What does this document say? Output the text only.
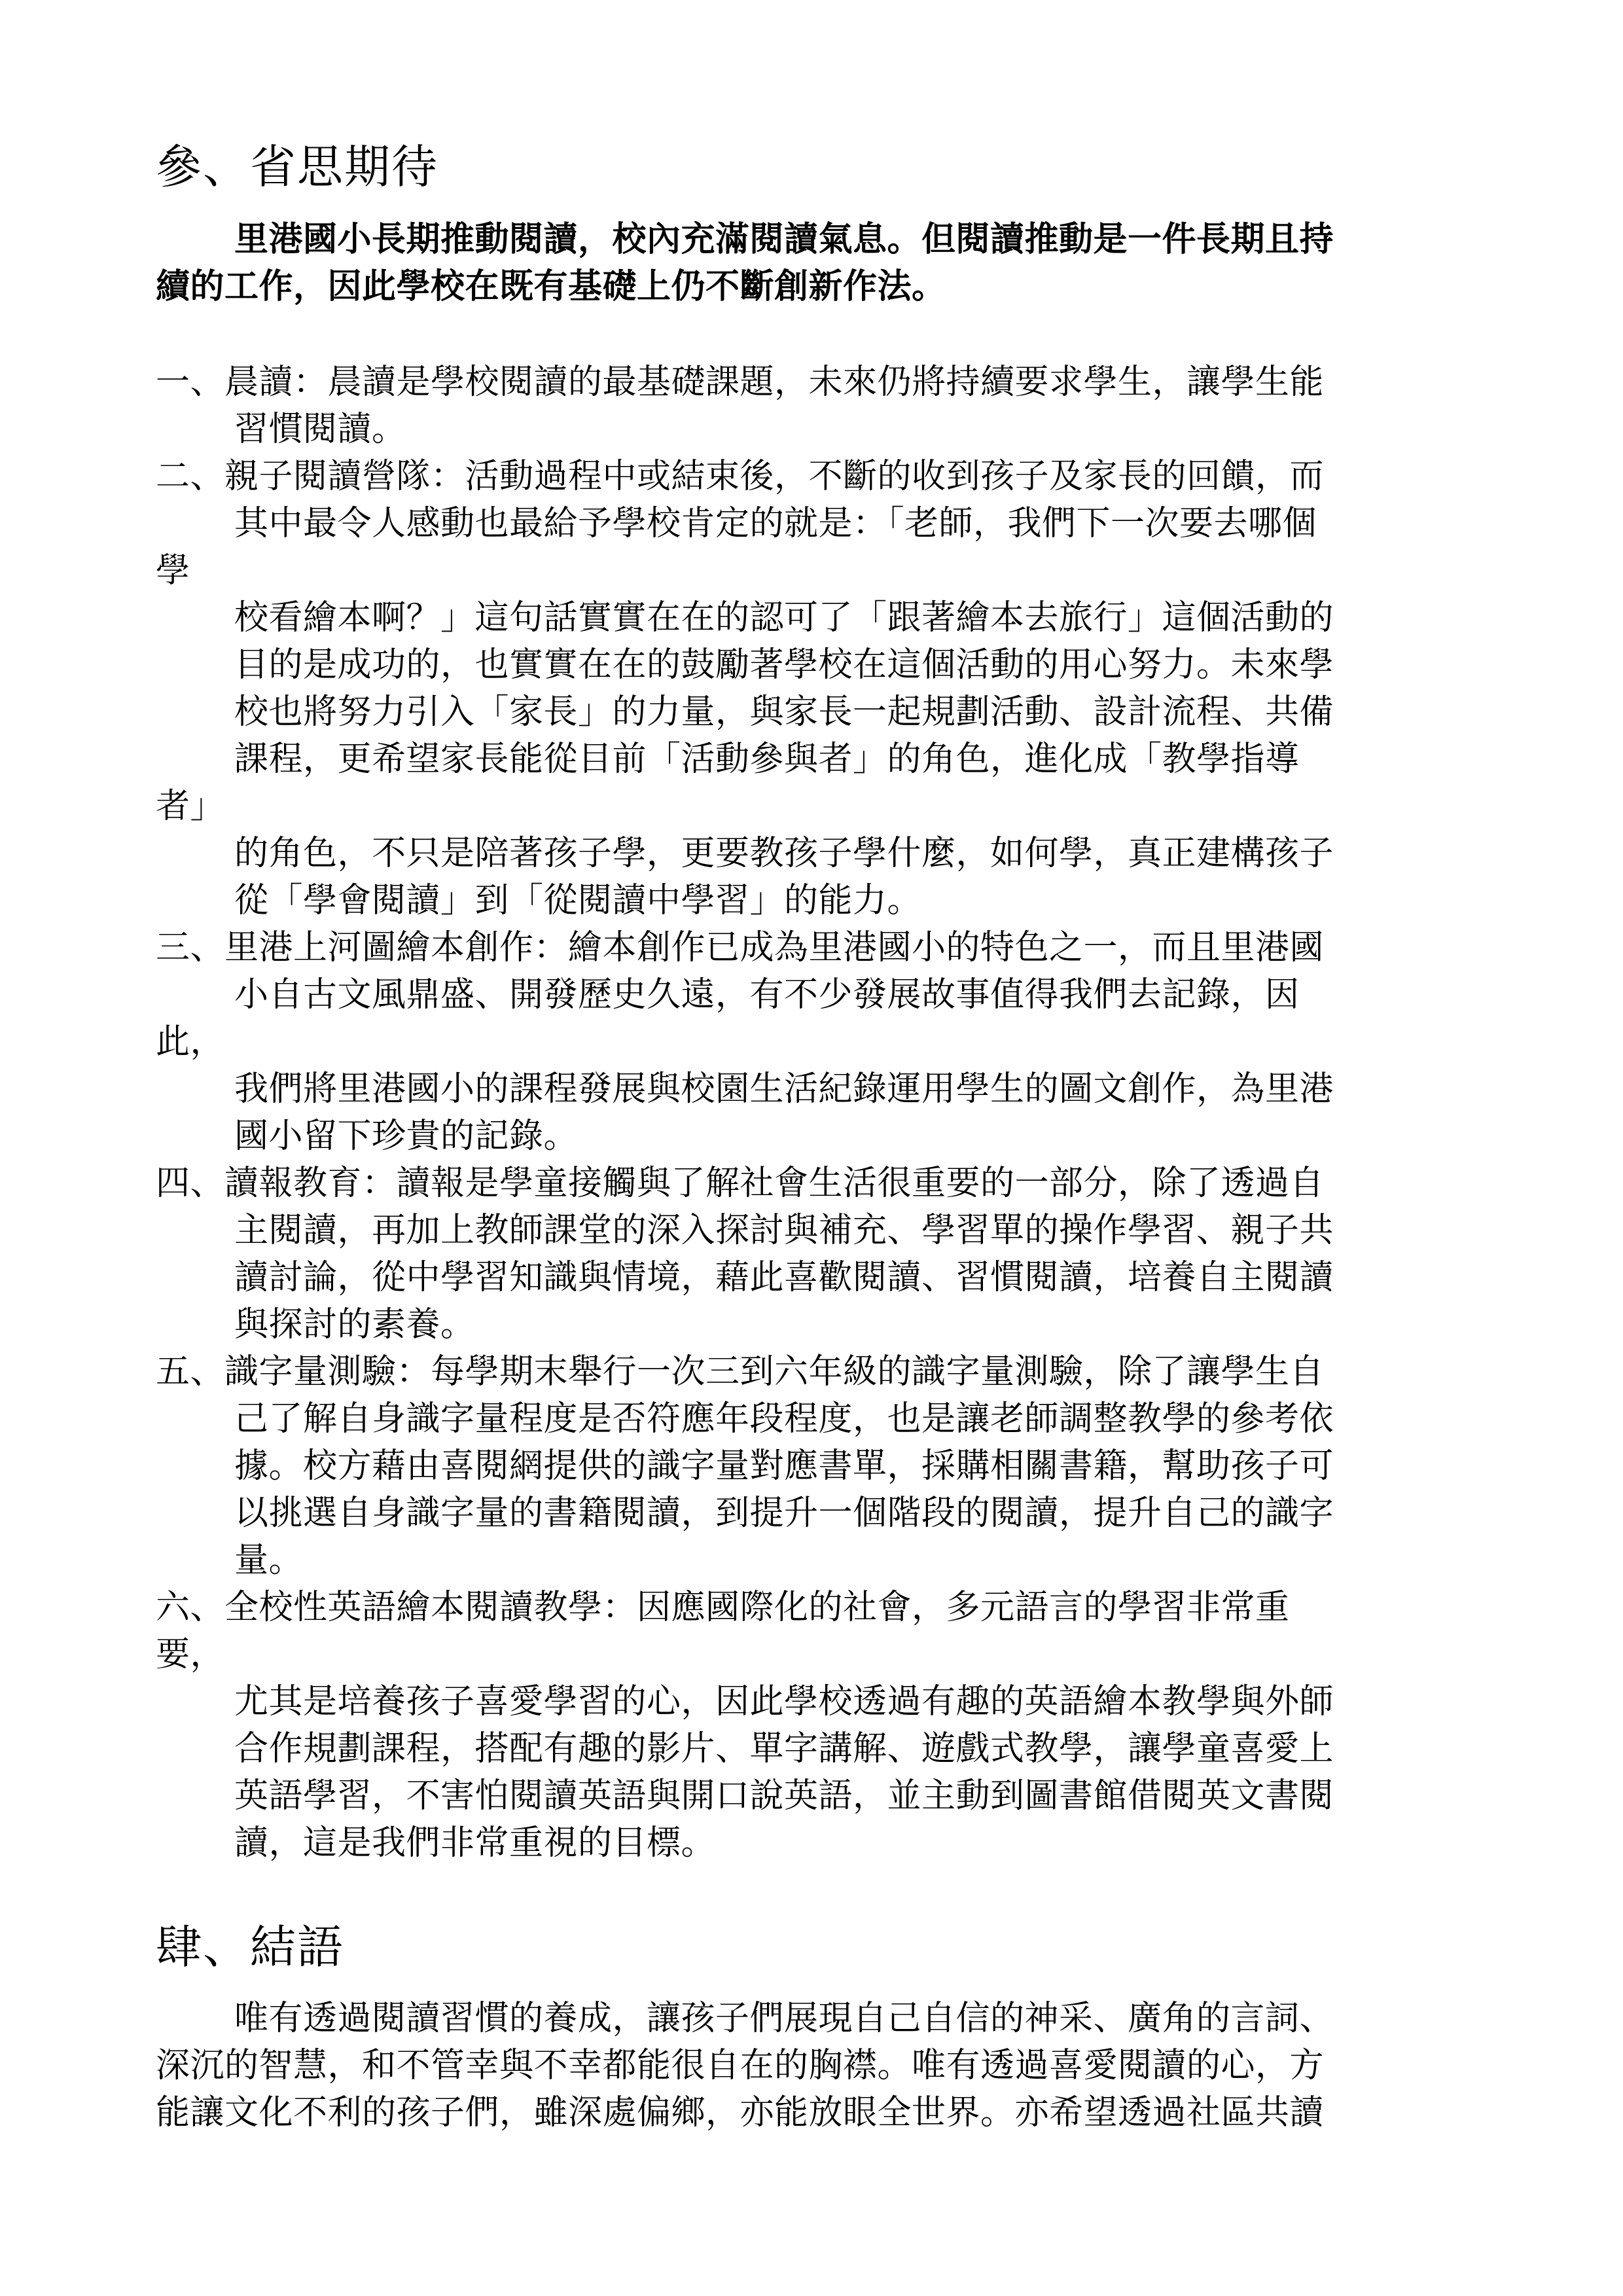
參、省思期待
里港國小長期推動閱讀，校內充滿閱讀氣息。但閱讀推動是一件長期且持
續的工作，因此學校在既有基礎上仍不斷創新作法。
一、晨讀：晨讀是學校閱讀的最基礎課題，未來仍將持續要求學生，讓學生能
習慣閱讀。
二、親子閱讀營隊：活動過程中或結束後，不斷的收到孩子及家長的回饋，而
其中最令人感動也最給予學校肯定的就是：「老師，我們下一次要去哪個
學
校看繪本啊？」這句話實實在在的認可了「跟著繪本去旅行」這個活動的
目的是成功的，也實實在在的鼓勵著學校在這個活動的用心努力。未來學
校也將努力引入「家長」的力量，與家長一起規劃活動、設計流程、共備
課程，更希望家長能從目前「活動參與者」的角色，進化成「教學指導
者」
的角色，不只是陪著孩子學，更要教孩子學什麼，如何學，真正建構孩子
從「學會閱讀」到「從閱讀中學習」的能力。
三、里港上河圖繪本創作：繪本創作已成為里港國小的特色之一，而且里港國
小自古文風鼎盛、開發歷史久遠，有不少發展故事值得我們去記錄，因
此，
我們將里港國小的課程發展與校園生活紀錄運用學生的圖文創作，為里港
國小留下珍貴的記錄。
四、讀報教育：讀報是學童接觸與了解社會生活很重要的一部分，除了透過自
主閱讀，再加上教師課堂的深入探討與補充、學習單的操作學習、親子共
讀討論，從中學習知識與情境，藉此喜歡閱讀、習慣閱讀，培養自主閱讀
與探討的素養。
五、識字量測驗：每學期末舉行一次三到六年級的識字量測驗，除了讓學生自
己了解自身識字量程度是否符應年段程度，也是讓老師調整教學的參考依
據。校方藉由喜閱網提供的識字量對應書單，採購相關書籍，幫助孩子可
以挑選自身識字量的書籍閱讀，到提升一個階段的閱讀，提升自己的識字
量。
六、全校性英語繪本閱讀教學：因應國際化的社會，多元語言的學習非常重
要，
尤其是培養孩子喜愛學習的心，因此學校透過有趣的英語繪本教學與外師
合作規劃課程，搭配有趣的影片、單字講解、遊戲式教學，讓學童喜愛上
英語學習，不害怕閱讀英語與開口說英語，並主動到圖書館借閱英文書閱
讀，這是我們非常重視的目標。
肆、結語
唯有透過閱讀習慣的養成，讓孩子們展現自己自信的神采、廣角的言詞、
深沉的智慧，和不管幸與不幸都能很自在的胸襟。唯有透過喜愛閱讀的心，方
能讓文化不利的孩子們，雖深處偏鄉，亦能放眼全世界。亦希望透過社區共讀
